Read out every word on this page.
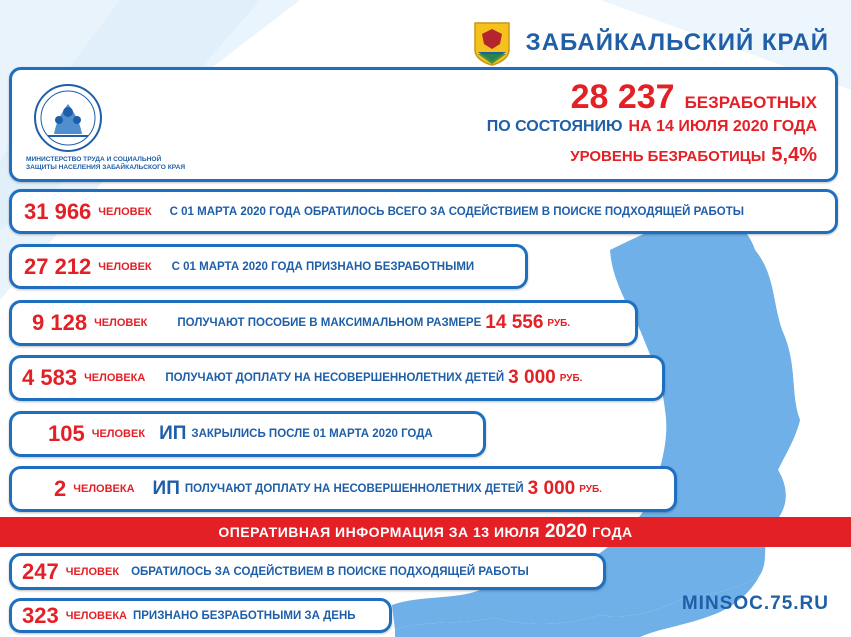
ЗАБАЙКАЛЬСКИЙ КРАЙ
МИНИСТЕРСТВО ТРУДА И СОЦИАЛЬНОЙ
ЗАЩИТЫ НАСЕЛЕНИЯ ЗАБАЙКАЛЬСКОГО КРАЯ
28 237 БЕЗРАБОТНЫХ
ПО СОСТОЯНИЮ НА 14 ИЮЛЯ 2020 ГОДА
УРОВЕНЬ БЕЗРАБОТИЦЫ 5,4%
31 966 ЧЕЛОВЕК С 01 МАРТА 2020 ГОДА ОБРАТИЛОСЬ ВСЕГО ЗА СОДЕЙСТВИЕМ В ПОИСКЕ ПОДХОДЯЩЕЙ РАБОТЫ
27 212 ЧЕЛОВЕК С 01 МАРТА 2020 ГОДА ПРИЗНАНО БЕЗРАБОТНЫМИ
9 128 ЧЕЛОВЕК	ПОЛУЧАЮТ ПОСОБИЕ В МАКСИМАЛЬНОМ РАЗМЕРЕ 14 556 РУБ.
4 583 ЧЕЛОВЕКА ПОЛУЧАЮТ ДОПЛАТУ НА НЕСОВЕРШЕННОЛЕТНИХ ДЕТЕЙ 3 000 РУБ.
105 ЧЕЛОВЕК ИП ЗАКРЫЛИСЬ ПОСЛЕ 01 МАРТА 2020 ГОДА
2 ЧЕЛОВЕКА ИП ПОЛУЧАЮТ ДОПЛАТУ НА НЕСОВЕРШЕННОЛЕТНИХ ДЕТЕЙ 3 000 РУБ.
ОПЕРАТИВНАЯ ИНФОРМАЦИЯ ЗА 13 ИЮЛЯ 2020 ГОДА
247 ЧЕЛОВЕК ОБРАТИЛОСЬ ЗА СОДЕЙСТВИЕМ В ПОИСКЕ ПОДХОДЯЩЕЙ РАБОТЫ
323 ЧЕЛОВЕКА ПРИЗНАНО БЕЗРАБОТНЫМИ ЗА ДЕНЬ
MINSOC.75.RU
